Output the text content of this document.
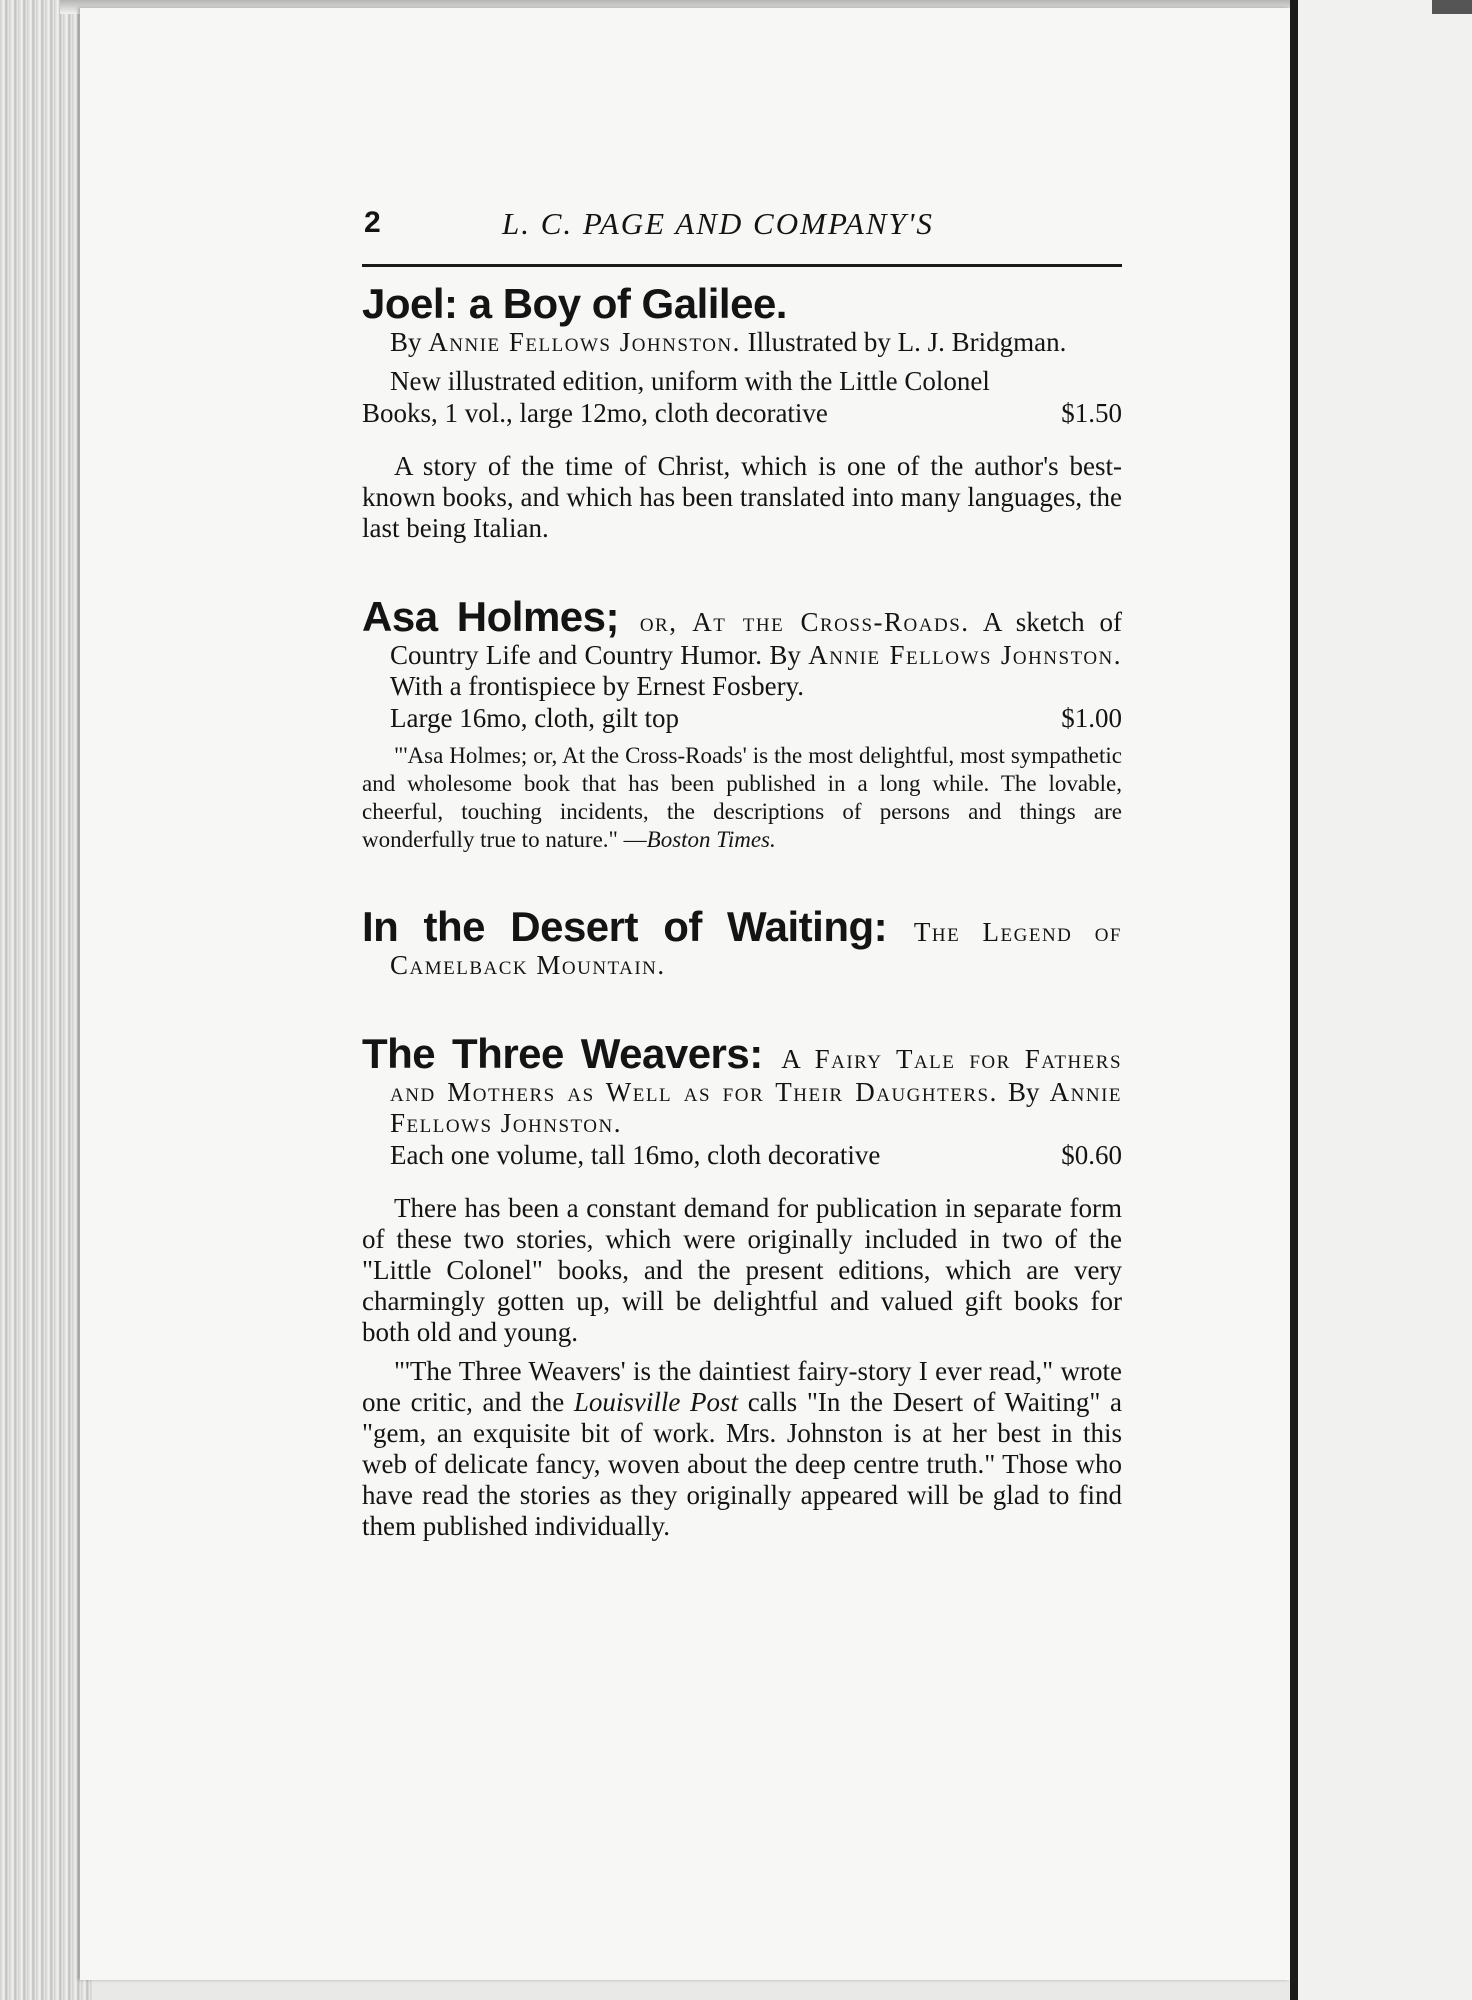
2	L. C. PAGE AND COMPANY'S
Joel: a Boy of Galilee.
By Annie Fellows Johnston. Illustrated by L. J. Bridgman.
New illustrated edition, uniform with the Little Colonel
Books, 1 vol., large 12mo, cloth decorative	$1.50
A story of the time of Christ, which is one of the author's best-known books, and which has been translated into many languages, the last being Italian.
Asa Holmes; or, At the Cross-Roads. A sketch of Country Life and Country Humor. By Annie Fellows Johnston. With a frontispiece by Ernest Fosbery.
Large 16mo, cloth, gilt top	$1.00
"'Asa Holmes; or, At the Cross-Roads' is the most delightful, most sympathetic and wholesome book that has been published in a long while. The lovable, cheerful, touching incidents, the descriptions of persons and things are wonderfully true to nature." —Boston Times.
In the Desert of Waiting: The Legend of Camelback Mountain.
The Three Weavers: A Fairy Tale for Fathers and Mothers as Well as for Their Daughters. By Annie Fellows Johnston.
Each one volume, tall 16mo, cloth decorative	$0.60
There has been a constant demand for publication in separate form of these two stories, which were originally included in two of the "Little Colonel" books, and the present editions, which are very charmingly gotten up, will be delightful and valued gift books for both old and young.
"'The Three Weavers' is the daintiest fairy-story I ever read," wrote one critic, and the Louisville Post calls "In the Desert of Waiting" a "gem, an exquisite bit of work. Mrs. Johnston is at her best in this web of delicate fancy, woven about the deep centre truth." Those who have read the stories as they originally appeared will be glad to find them published individually.
